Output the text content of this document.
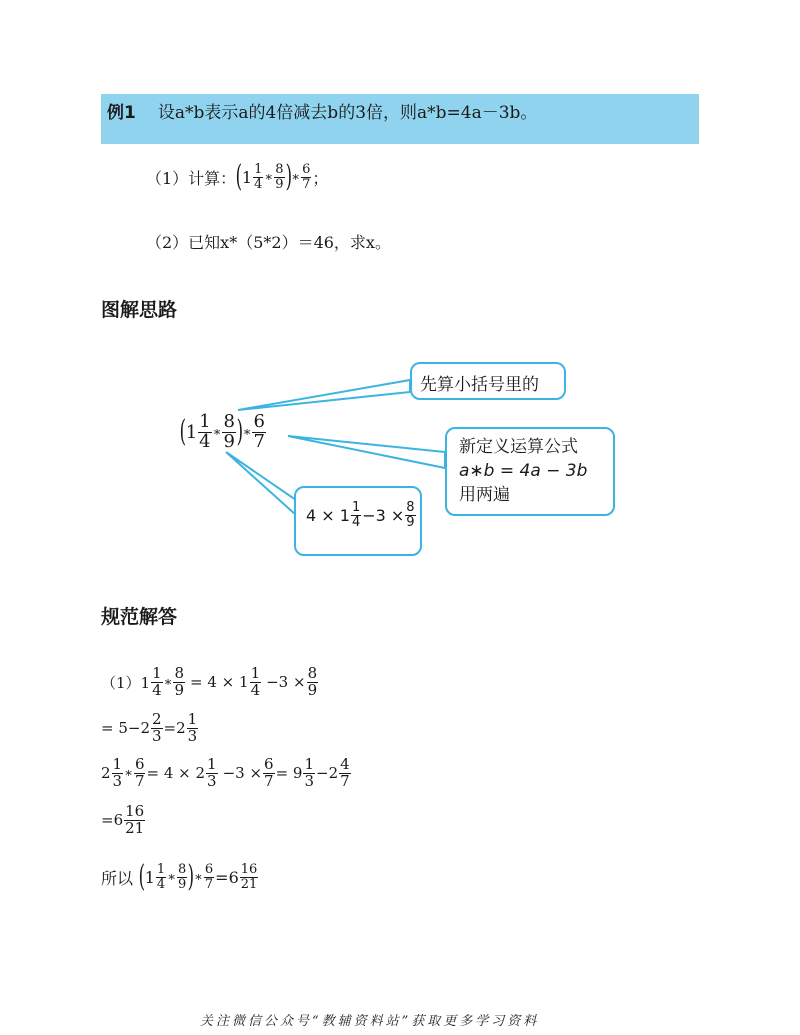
例1 设a*b表示a的4倍减去b的3倍，则a*b=4a－3b。
（1）计算： ( $1 \frac{1}{4}$ ∗ $\frac{8}{9}$ ) ∗ $\frac{6}{7}$ ；
（2）已知x*（5*2）＝46，求x。
图解思路
( $1 \frac{1}{4}$ ∗ $\frac{8}{9}$ ) ∗ $\frac{6}{7}$
先算小括号里的
新定义运算公式
a∗b = 4a − 3b
用两遍
$4 \times 1 \frac{1}{4} -3 \times \frac{8}{9}$
规范解答
$(1)1 \frac{1}{4}$ ∗ $\frac{8}{9} = 4 \times 1 \frac{1}{4} -3 \times \frac{8}{9}$
= $5-2 \frac{2}{3} =2 \frac{1}{3}$
$2 \frac{1}{3}$ ∗ $\frac{6}{7} = 4 \times 2 \frac{1}{3} -3 \times \frac{6}{7} = 9 \frac{1}{3} -2 \frac{4}{7}$
$=6 \frac{16}{21}$
所以 ( $1 \frac{1}{4}$ ∗ $\frac{8}{9}$ ) ∗ $\frac{6}{7} =6 \frac{16}{21}$
关注微信公众号“教辅资料站”获取更多学习资料
